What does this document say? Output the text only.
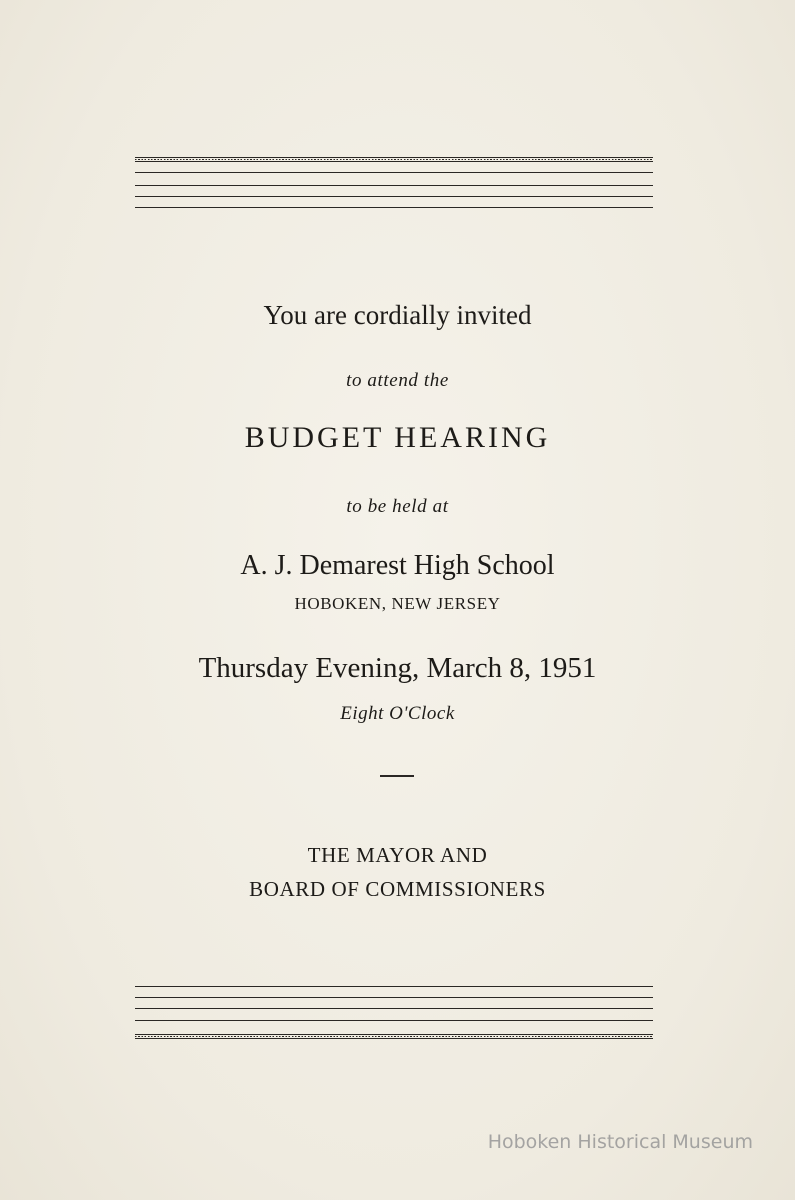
You are cordially invited
to attend the
BUDGET HEARING
to be held at
A. J. Demarest High School
HOBOKEN, NEW JERSEY
Thursday Evening, March 8, 1951
Eight O'Clock
THE MAYOR AND
BOARD OF COMMISSIONERS
Hoboken Historical Museum
